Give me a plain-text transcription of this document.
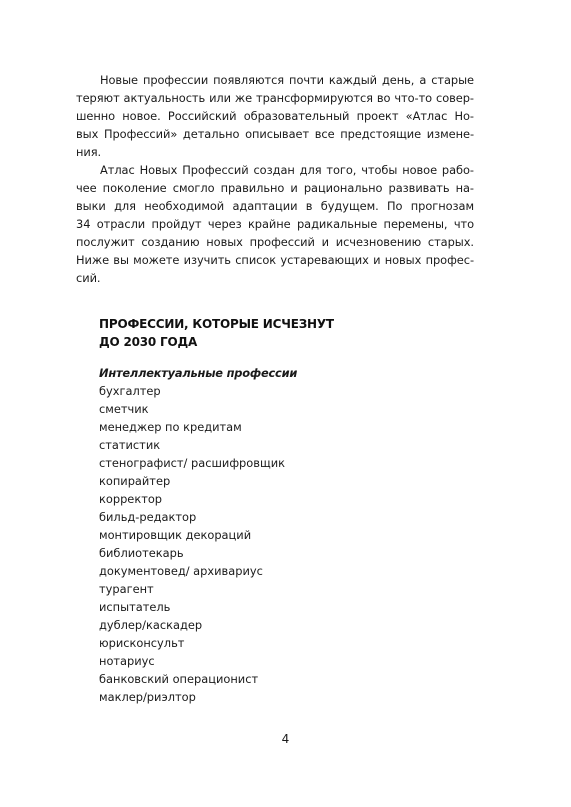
Новые профессии появляются почти каждый день, а старые
теряют актуальность или же трансформируются во что-то совер-
шенно новое. Российский образовательный проект «Атлас Но-
вых Профессий» детально описывает все предстоящие измене-
ния.
Атлас Новых Профессий создан для того, чтобы новое рабо-
чее поколение смогло правильно и рационально развивать на-
выки для необходимой адаптации в будущем. По прогнозам
34 отрасли пройдут через крайне радикальные перемены, что
послужит созданию новых профессий и исчезновению старых.
Ниже вы можете изучить список устаревающих и новых профес-
сий.
ПРОФЕССИИ, КОТОРЫЕ ИСЧЕЗНУТ
ДО 2030 ГОДА
Интеллектуальные профессии
бухгалтер
сметчик
менеджер по кредитам
статистик
стенографист/ расшифровщик
копирайтер
корректор
бильд-редактор
монтировщик декораций
библиотекарь
документовед/ архивариус
турагент
испытатель
дублер/каскадер
юрисконсульт
нотариус
банковский операционист
маклер/риэлтор
4
